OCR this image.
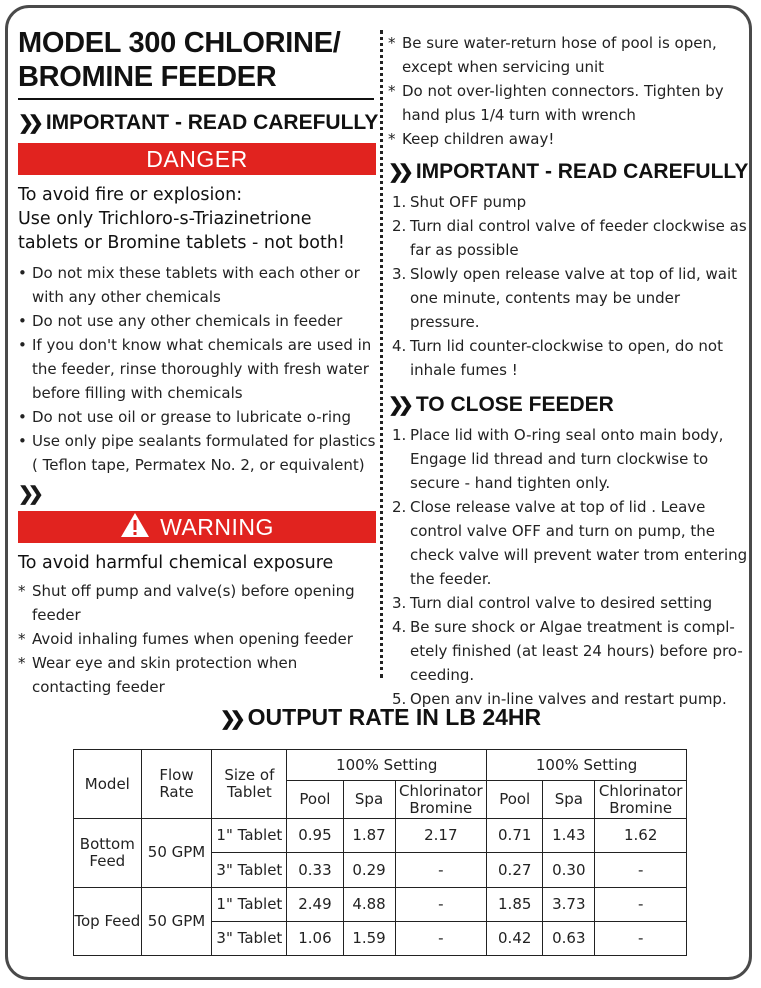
MODEL 300 CHLORINE/
BROMINE FEEDER
❯❯ IMPORTANT - READ CAREFULLY
DANGER
To avoid fire or explosion:
Use only Trichloro-s-Triazinetrione
tablets or Bromine tablets - not both!
• Do not mix these tablets with each other or with any other chemicals
• Do not use any other chemicals in feeder
• If you don't know what chemicals are used in the feeder, rinse thoroughly with fresh water before filling with chemicals
• Do not use oil or grease to lubricate o-ring
• Use only pipe sealants formulated for plastics ( Teflon tape, Permatex No. 2, or equivalent)
❯❯
WARNING
To avoid harmful chemical exposure
* Shut off pump and valve(s) before opening feeder
* Avoid inhaling fumes when opening feeder
* Wear eye and skin protection when contacting feeder
* Be sure water-return hose of pool is open, except when servicing unit
* Do not over-lighten connectors. Tighten by hand plus 1/4 turn with wrench
* Keep children away!
❯❯ IMPORTANT - READ CAREFULLY
1. Shut OFF pump
2. Turn dial control valve of feeder clockwise as far as possible
3. Slowly open release valve at top of lid, wait one minute, contents may be under pressure.
4. Turn lid counter-clockwise to open, do not inhale fumes !
❯❯ TO CLOSE FEEDER
1. Place lid with O-ring seal onto main body, Engage lid thread and turn clockwise to secure - hand tighten only.
2. Close release valve at top of lid . Leave control valve OFF and turn on pump, the check valve will prevent water trom entering the feeder.
3. Turn dial control valve to desired setting
4. Be sure shock or Algae treatment is compl-etely finished (at least 24 hours) before pro-ceeding.
5. Open anv in-line valves and restart pump.
❯❯ OUTPUT RATE IN LB 24HR
Model	Flow Rate	Size of Tablet	100% Setting			100% Setting		
			Pool	Spa	Chlorinator Bromine	Pool	Spa	Chlorinator Bromine
Bottom Feed	50 GPM	1" Tablet	0.95	1.87	2.17	0.71	1.43	1.62
		3" Tablet	0.33	0.29	-	0.27	0.30	-
Top Feed	50 GPM	1" Tablet	2.49	4.88	-	1.85	3.73	-
		3" Tablet	1.06	1.59	-	0.42	0.63	-
